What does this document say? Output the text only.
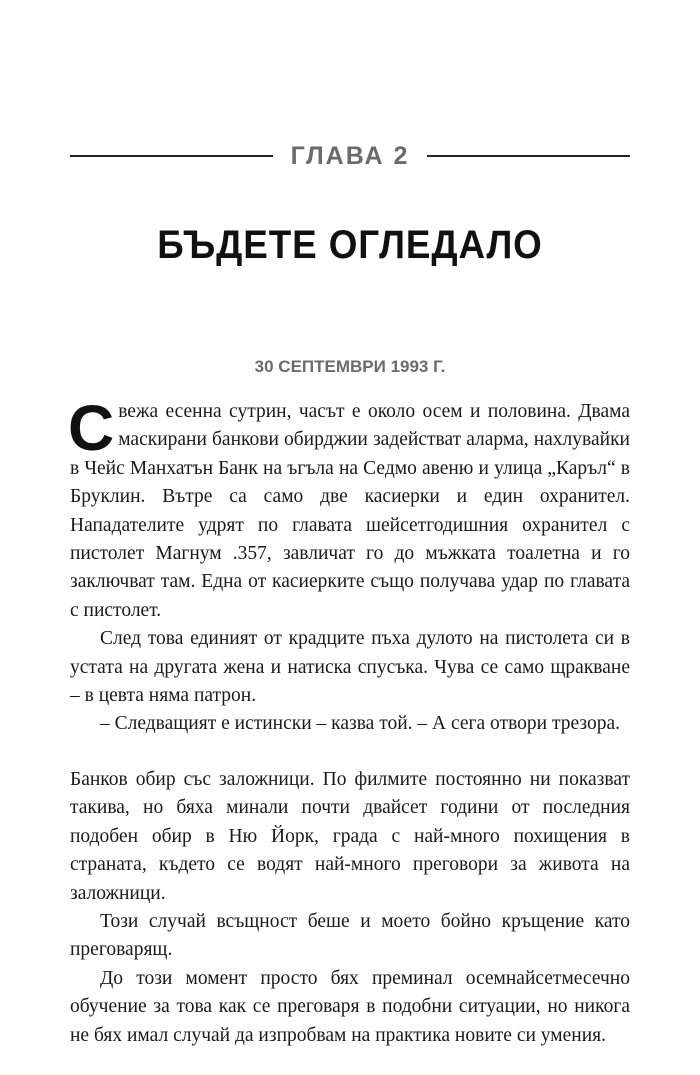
ГЛАВА 2
БЪДЕТЕ ОГЛЕДАЛО
30 СЕПТЕМВРИ 1993 Г.

Свежа есенна сутрин, часът е около осем и половина. Двама маскирани банкови обирджии задействат аларма, нахлувайки в Чейс Манхатън Банк на ъгъла на Седмо авеню и улица „Каръл“ в Бруклин. Вътре са само две касиерки и един охранител. Нападателите удрят по главата шейсетгодишния охранител с пистолет Магнум .357, завличат го до мъжката тоалетна и го заключват там. Една от касиерките също получава удар по главата с пистолет.

След това единият от крадците пъха дулото на пистолета си в устата на другата жена и натиска спусъка. Чува се само щракване – в цевта няма патрон.

– Следващият е истински – казва той. – А сега отвори трезора.

Банков обир със заложници. По филмите постоянно ни показват такива, но бяха минали почти двайсет години от последния подобен обир в Ню Йорк, града с най-много похищения в страната, където се водят най-много преговори за живота на заложници.

Този случай всъщност беше и моето бойно кръщение като преговарящ.

До този момент просто бях преминал осемнайсетмесечно обучение за това как се преговаря в подобни ситуации, но никога не бях имал случай да изпробвам на практика новите си умения.
